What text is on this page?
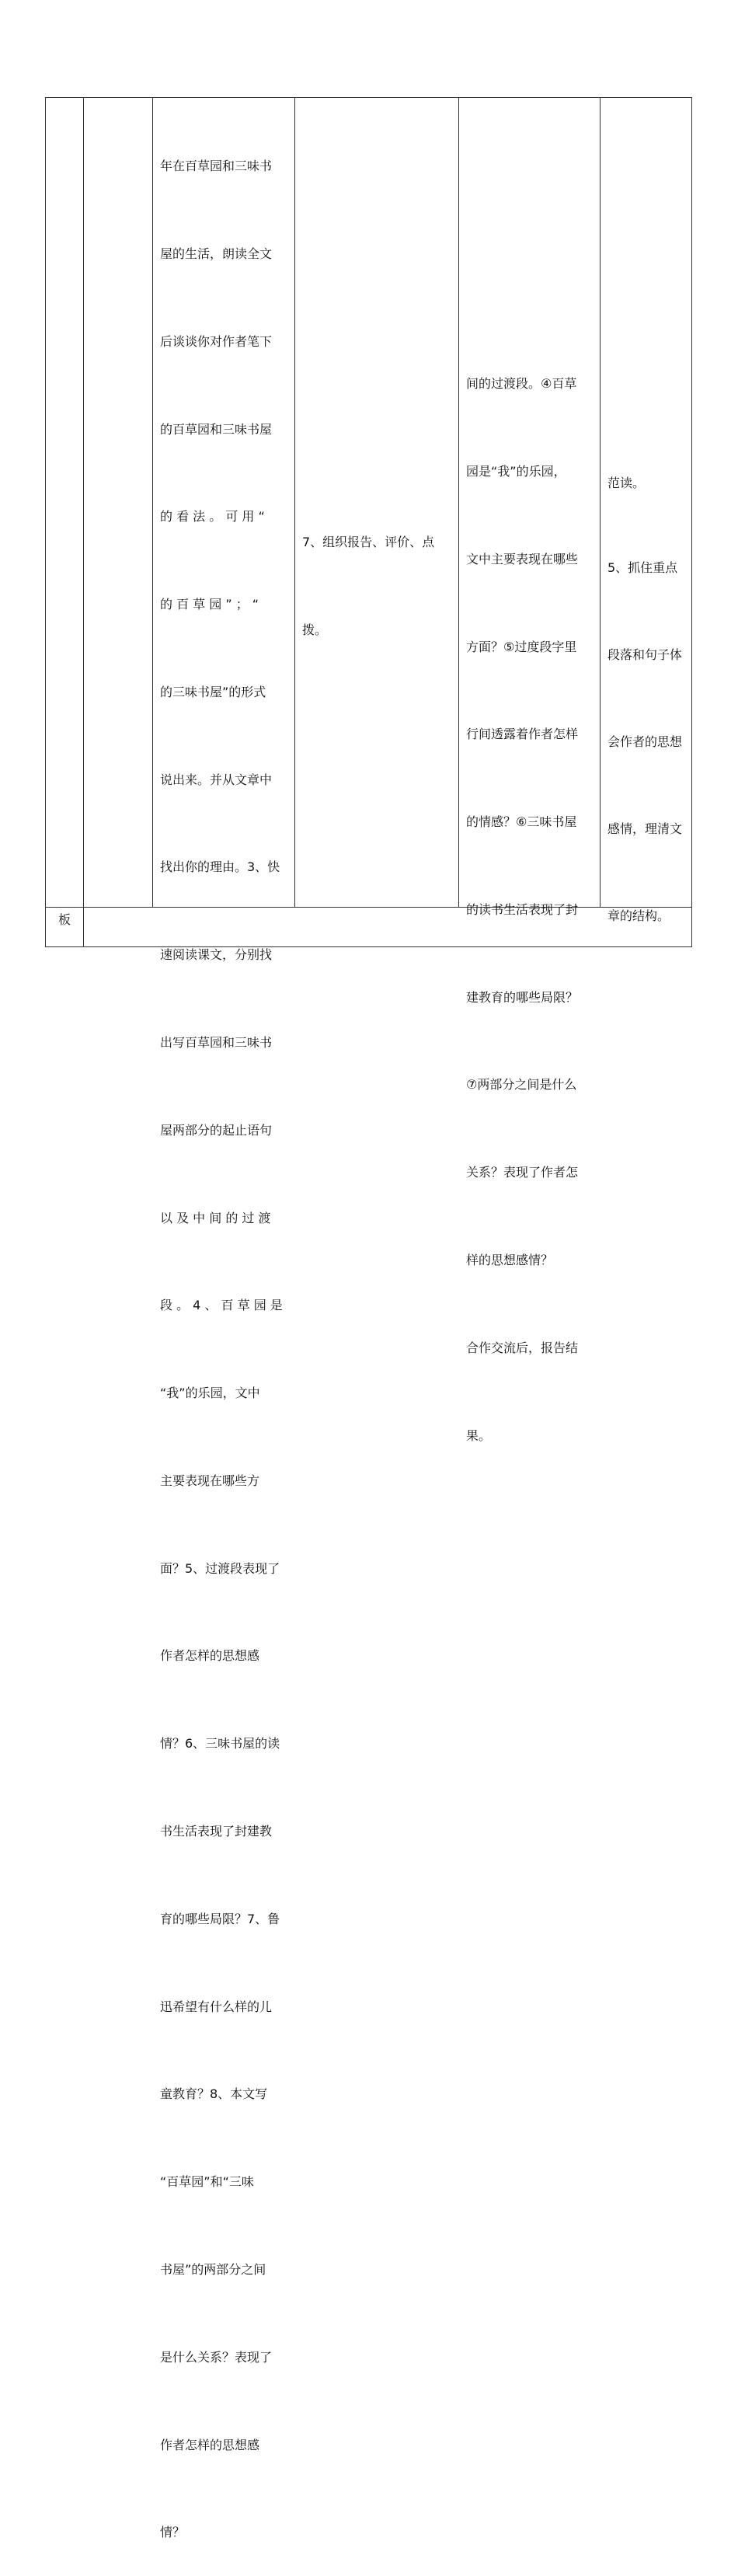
年在百草园和三味书

屋的生活，朗读全文

后谈谈你对作者笔下

的百草园和三味书屋

的 看 法 。 可 用 “

的 百 草 园 ” ； “

的三味书屋”的形式

说出来。并从文章中

找出你的理由。3、快

速阅读课文，分别找

出写百草园和三味书

屋两部分的起止语句

以 及 中 间 的 过 渡

段 。 4 、 百 草 园 是

“我”的乐园，文中

主要表现在哪些方

面？5、过渡段表现了

作者怎样的思想感

情？6、三味书屋的读

书生活表现了封建教

育的哪些局限？7、鲁

迅希望有什么样的儿

童教育？8、本文写

“百草园”和“三味

书屋”的两部分之间

是什么关系？表现了

作者怎样的思想感

情？

7、组织报告、评价、点

拨。

间的过渡段。④百草

园是“我”的乐园，

文中主要表现在哪些

方面？⑤过度段字里

行间透露着作者怎样

的情感？⑥三味书屋

的读书生活表现了封

建教育的哪些局限？

⑦两部分之间是什么

关系？表现了作者怎

样的思想感情？

合作交流后，报告结

果。

范读。

5、抓住重点

段落和句子体

会作者的思想

感情，理清文

章的结构。

板
